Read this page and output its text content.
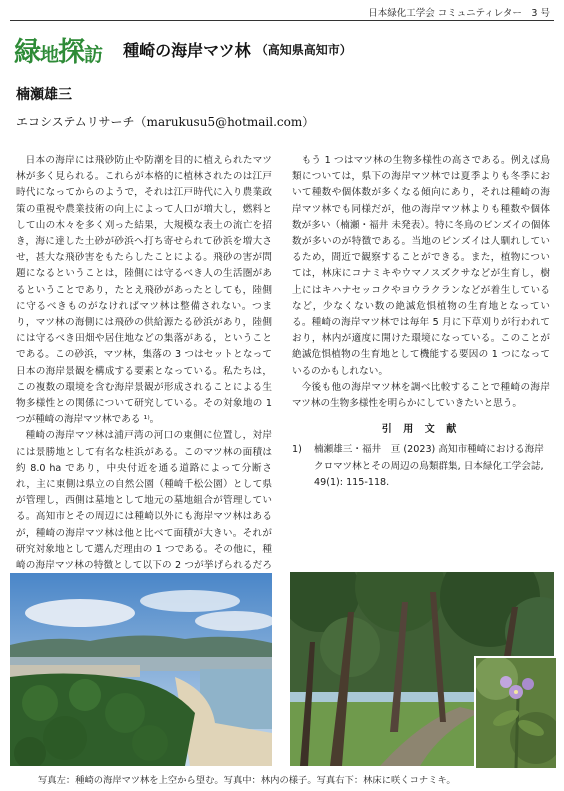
日本緑化工学会 コミュニティレター　3 号
緑地探訪 種崎の海岸マツ林 （高知県高知市）
楠瀬雄三
エコシステムリサーチ（marukusu5@hotmail.com）

日本の海岸には飛砂防止や防潮を目的に植えられたマツ林が多く見られる。これらが本格的に植林されたのは江戸時代になってからのようで，それは江戸時代に入り農業政策の重視や農業技術の向上によって人口が増大し，燃料として山の木々を多く刈った結果，大規模な表土の流亡を招き，海に達した土砂が砂浜へ打ち寄せられて砂浜を増大させ，甚大な飛砂害をもたらしたことによる。飛砂の害が問題になるということは，陸側には守るべき人の生活圏があるということであり，たとえ飛砂があったとしても，陸側に守るべきものがなければマツ林は整備されない。つまり，マツ林の海側には飛砂の供給源たる砂浜があり，陸側には守るべき田畑や居住地などの集落がある，ということである。この砂浜，マツ林，集落の 3 つはセットとなって日本の海岸景観を構成する要素となっている。私たちは，この複数の環境を含む海岸景観が形成されることによる生物多様性との関係について研究している。その対象地の 1 つが種崎の海岸マツ林である ¹⁾。

種崎の海岸マツ林は浦戸湾の河口の東側に位置し，対岸には景勝地として有名な桂浜がある。このマツ林の面積は約 8.0 ha であり，中央付近を通る道路によって分断され，主に東側は県立の自然公園（種崎千松公園）として県が管理し，西側は墓地として地元の墓地組合が管理している。高知市とその周辺には種崎以外にも海岸マツ林はあるが，種崎の海岸マツ林は他と比べて面積が大きい。それが研究対象地として選んだ理由の 1 つである。その他に，種崎の海岸マツ林の特徴として以下の 2 つが挙げられるだろ

もう 1 つはマツ林の生物多様性の高さである。例えば鳥類については，県下の海岸マツ林では夏季よりも冬季において種数や個体数が多くなる傾向にあり，それは種崎の海岸マツ林でも同様だが，他の海岸マツ林よりも種数や個体数が多い（楠瀬・福井 未発表）。特に冬鳥のビンズイの個体数が多いのが特徴である。当地のビンズイは人馴れしているため，間近で観察することができる。また，植物については，林床にコナミキやウマノスズクサなどが生育し，樹上にはキハナセッコクやヨウラクランなどが着生しているなど，少なくない数の絶滅危惧植物の生育地となっている。種崎の海岸マツ林では毎年 5 月に下草刈りが行われており，林内が適度に開けた環境になっている。このことが絶滅危惧植物の生育地として機能する要因の 1 つになっているのかもしれない。

今後も他の海岸マツ林を調べ比較することで種崎の海岸マツ林の生物多様性を明らかにしていきたいと思う。

引 用 文 献
1)	楠瀬雄三・福井　亘 (2023) 高知市種崎における海岸クロマツ林とその周辺の鳥類群集, 日本緑化工学会誌, 49(1): 115-118.
写真左：種崎の海岸マツ林を上空から望む。写真中：林内の様子。写真右下：林床に咲くコナミキ。
